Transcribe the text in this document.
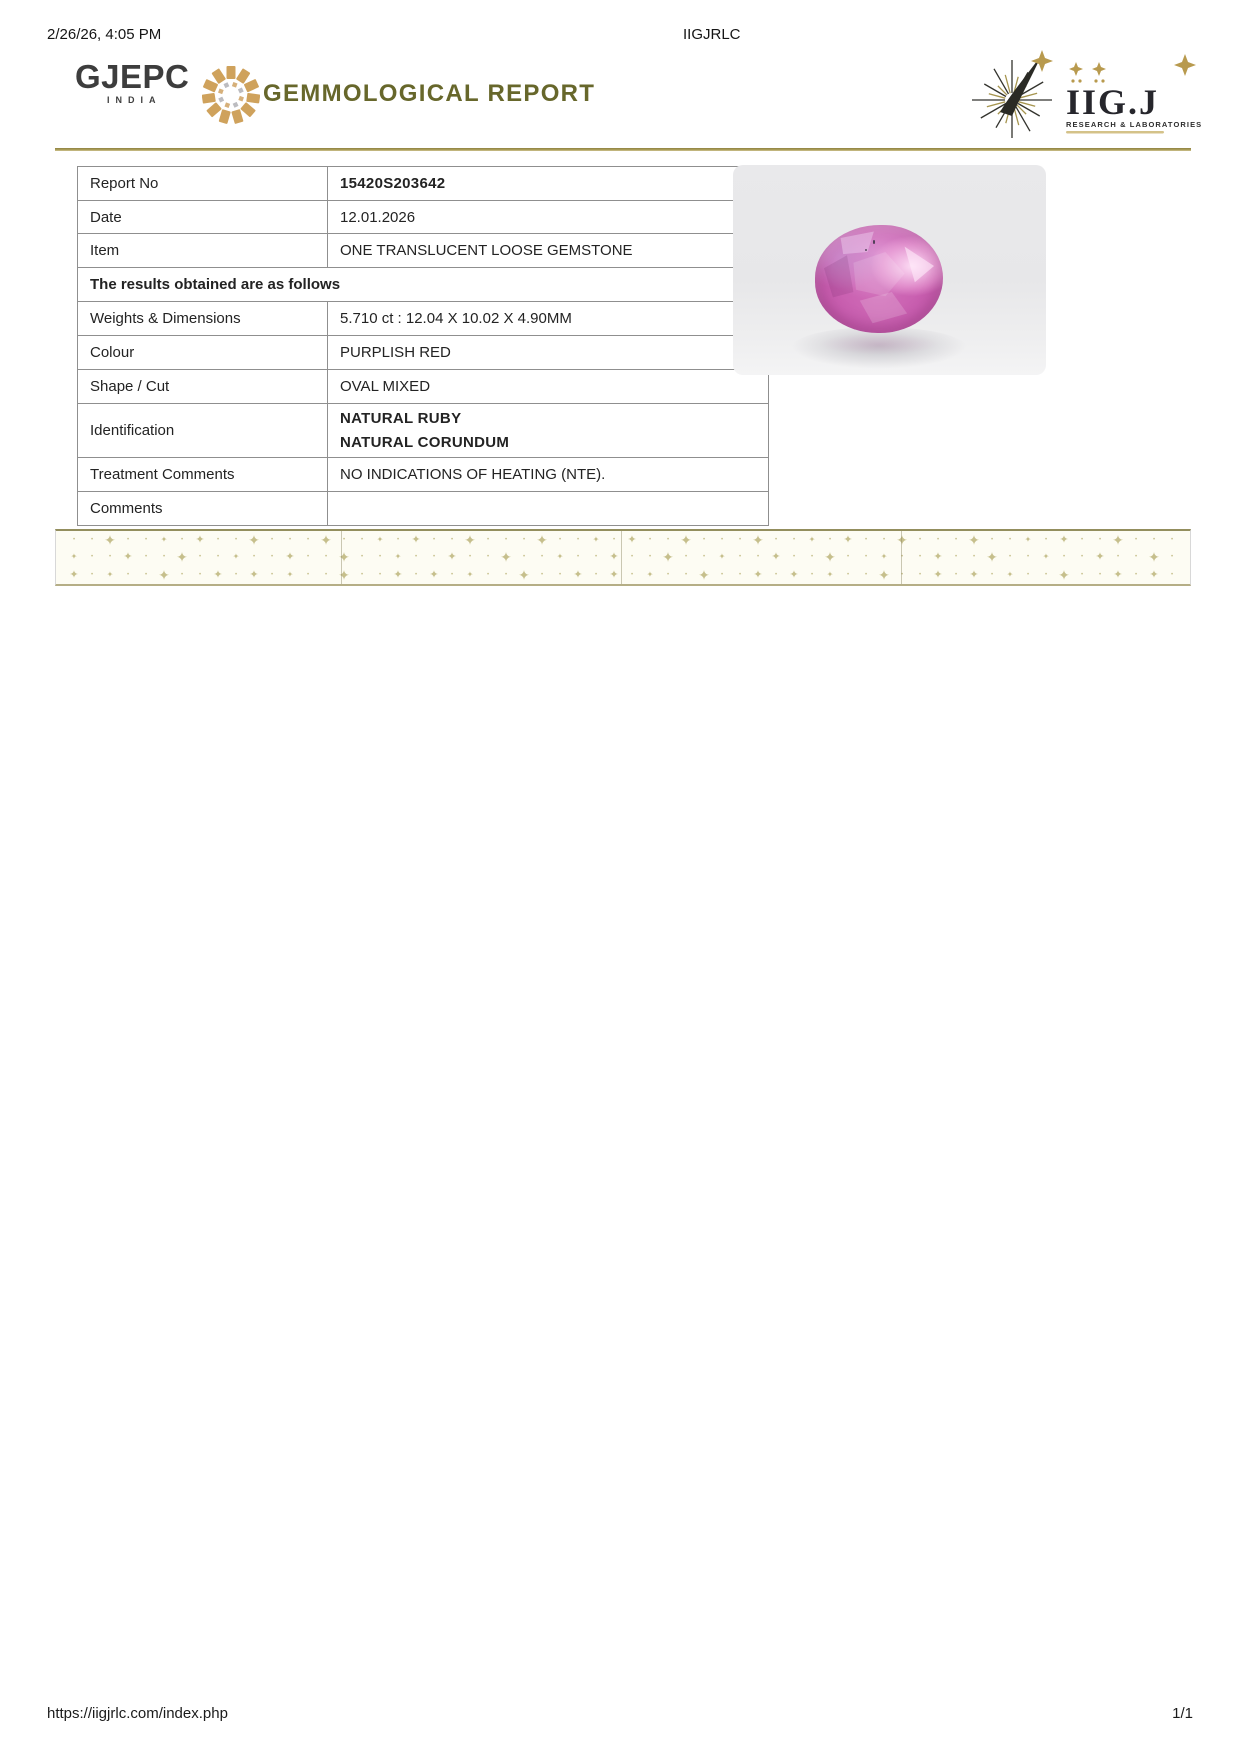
2/26/26, 4:05 PM	IIGJRLC
GJEPC
INDIA	GEMMOLOGICAL REPORT	IIG.J
RESEARCH & LABORATORIES
Report No	15420S203642
Date	12.01.2026
Item	ONE TRANSLUCENT LOOSE GEMSTONE
The results obtained are as follows	
Weights & Dimensions	5.710 ct : 12.04 X 10.02 X 4.90MM
Colour	PURPLISH RED
Shape / Cut	OVAL MIXED
Identification	NATURAL RUBY
NATURAL CORUNDUM

Treatment Comments	NO INDICATIONS OF HEATING (NTE).
Comments	
•	• ✦	•	•	✦	•	✦	•	• ✦	•	•	• ✦	•	•	✦	•	✦	•	• ✦	•	•	• ✦	•	•	✦	•	✦	•	• ✦	•	•	• ✦	•	•	✦	•	✦	•	• ✦	•	•	• ✦	•	•	✦	•	✦	•	• ✦	•	•	•
✦	•	•	✦	•	• ✦	•	•	✦	•	•	✦	•	• ✦	•	•	✦	•	•	✦	•	• ✦	•	•	✦	•	•	✦	•	• ✦	•	•	✦	•	•	✦	•	• ✦	•	•	✦	•	•	✦	•	• ✦	•	•	✦	•	•	✦	•	• ✦	•
✦	•	✦	•	• ✦	•	•	✦	•	✦	•	✦	•	• ✦	•	•	✦	•	✦	•	✦	•	• ✦	•	•	✦	•	✦	•	✦	•	• ✦	•	•	✦	•	✦	•	✦	•	• ✦	•	•	✦	•	✦	•	✦	•	• ✦	•	•	✦	•	✦	•
https://iigjrlc.com/index.php	1/1
